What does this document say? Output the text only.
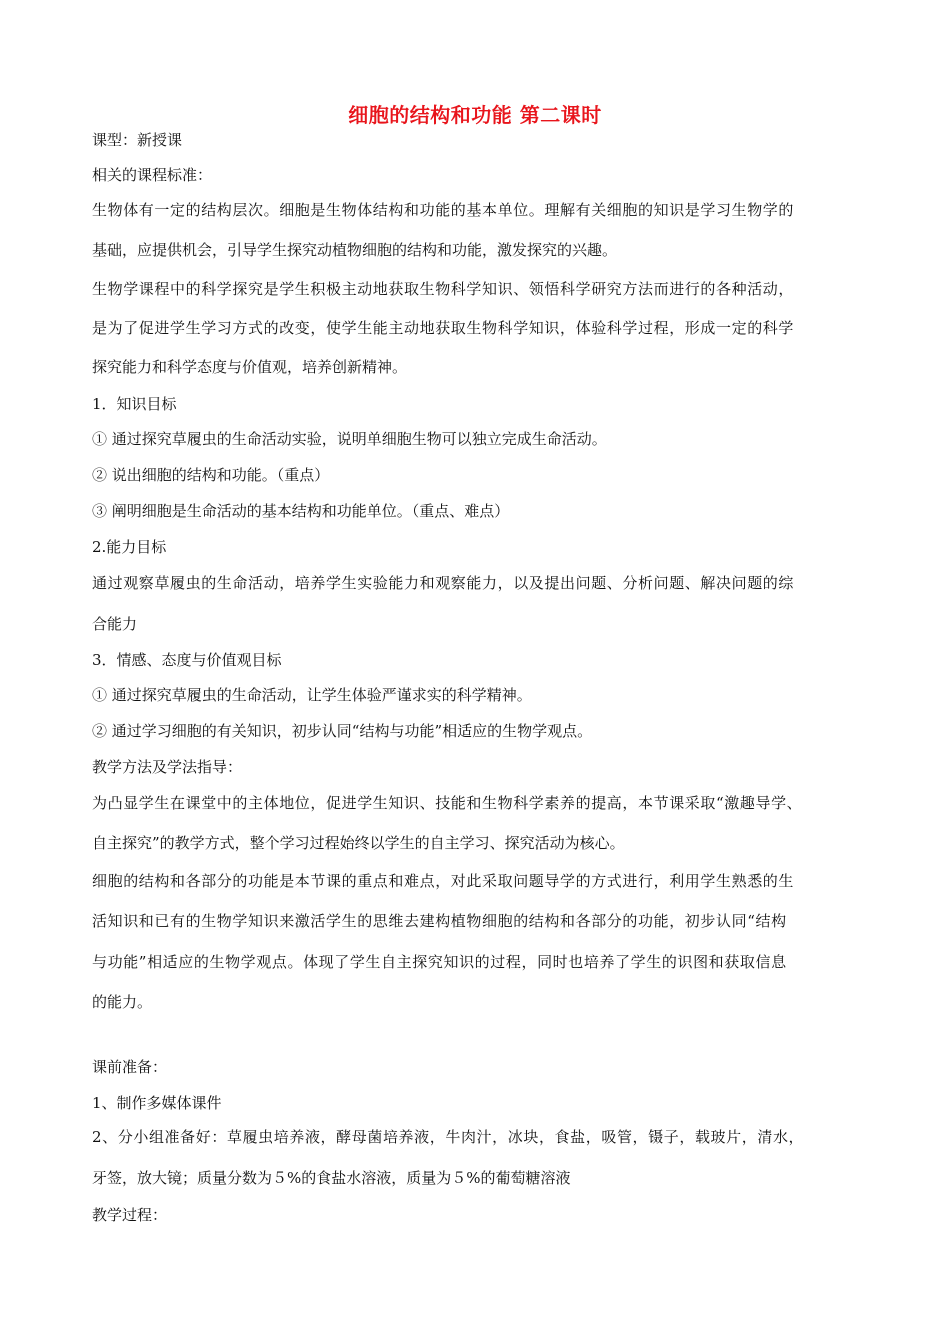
细胞的结构和功能 第二课时
课型：新授课
相关的课程标准：
生物体有一定的结构层次。细胞是生物体结构和功能的基本单位。理解有关细胞的知识是学习生物学的
基础，应提供机会，引导学生探究动植物细胞的结构和功能，激发探究的兴趣。
生物学课程中的科学探究是学生积极主动地获取生物科学知识、领悟科学研究方法而进行的各种活动，
是为了促进学生学习方式的改变，使学生能主动地获取生物科学知识，体验科学过程，形成一定的科学
探究能力和科学态度与价值观，培养创新精神。
1．知识目标
① 通过探究草履虫的生命活动实验，说明单细胞生物可以独立完成生命活动。
② 说出细胞的结构和功能。（重点）
③ 阐明细胞是生命活动的基本结构和功能单位。（重点、难点）
2.能力目标
通过观察草履虫的生命活动，培养学生实验能力和观察能力，以及提出问题、分析问题、解决问题的综
合能力
3．情感、态度与价值观目标
① 通过探究草履虫的生命活动，让学生体验严谨求实的科学精神。
② 通过学习细胞的有关知识，初步认同“结构与功能”相适应的生物学观点。
教学方法及学法指导：
为凸显学生在课堂中的主体地位，促进学生知识、技能和生物科学素养的提高，本节课采取“激趣导学、
自主探究”的教学方式，整个学习过程始终以学生的自主学习、探究活动为核心。
细胞的结构和各部分的功能是本节课的重点和难点，对此采取问题导学的方式进行，利用学生熟悉的生
活知识和已有的生物学知识来激活学生的思维去建构植物细胞的结构和各部分的功能，初步认同“结构
与功能”相适应的生物学观点。体现了学生自主探究知识的过程，同时也培养了学生的识图和获取信息
的能力。
课前准备：
1、制作多媒体课件
2、分小组准备好：草履虫培养液，酵母菌培养液，牛肉汁，冰块，食盐，吸管，镊子，载玻片，清水，
牙签，放大镜；质量分数为５%的食盐水溶液，质量为５%的葡萄糖溶液
教学过程：
